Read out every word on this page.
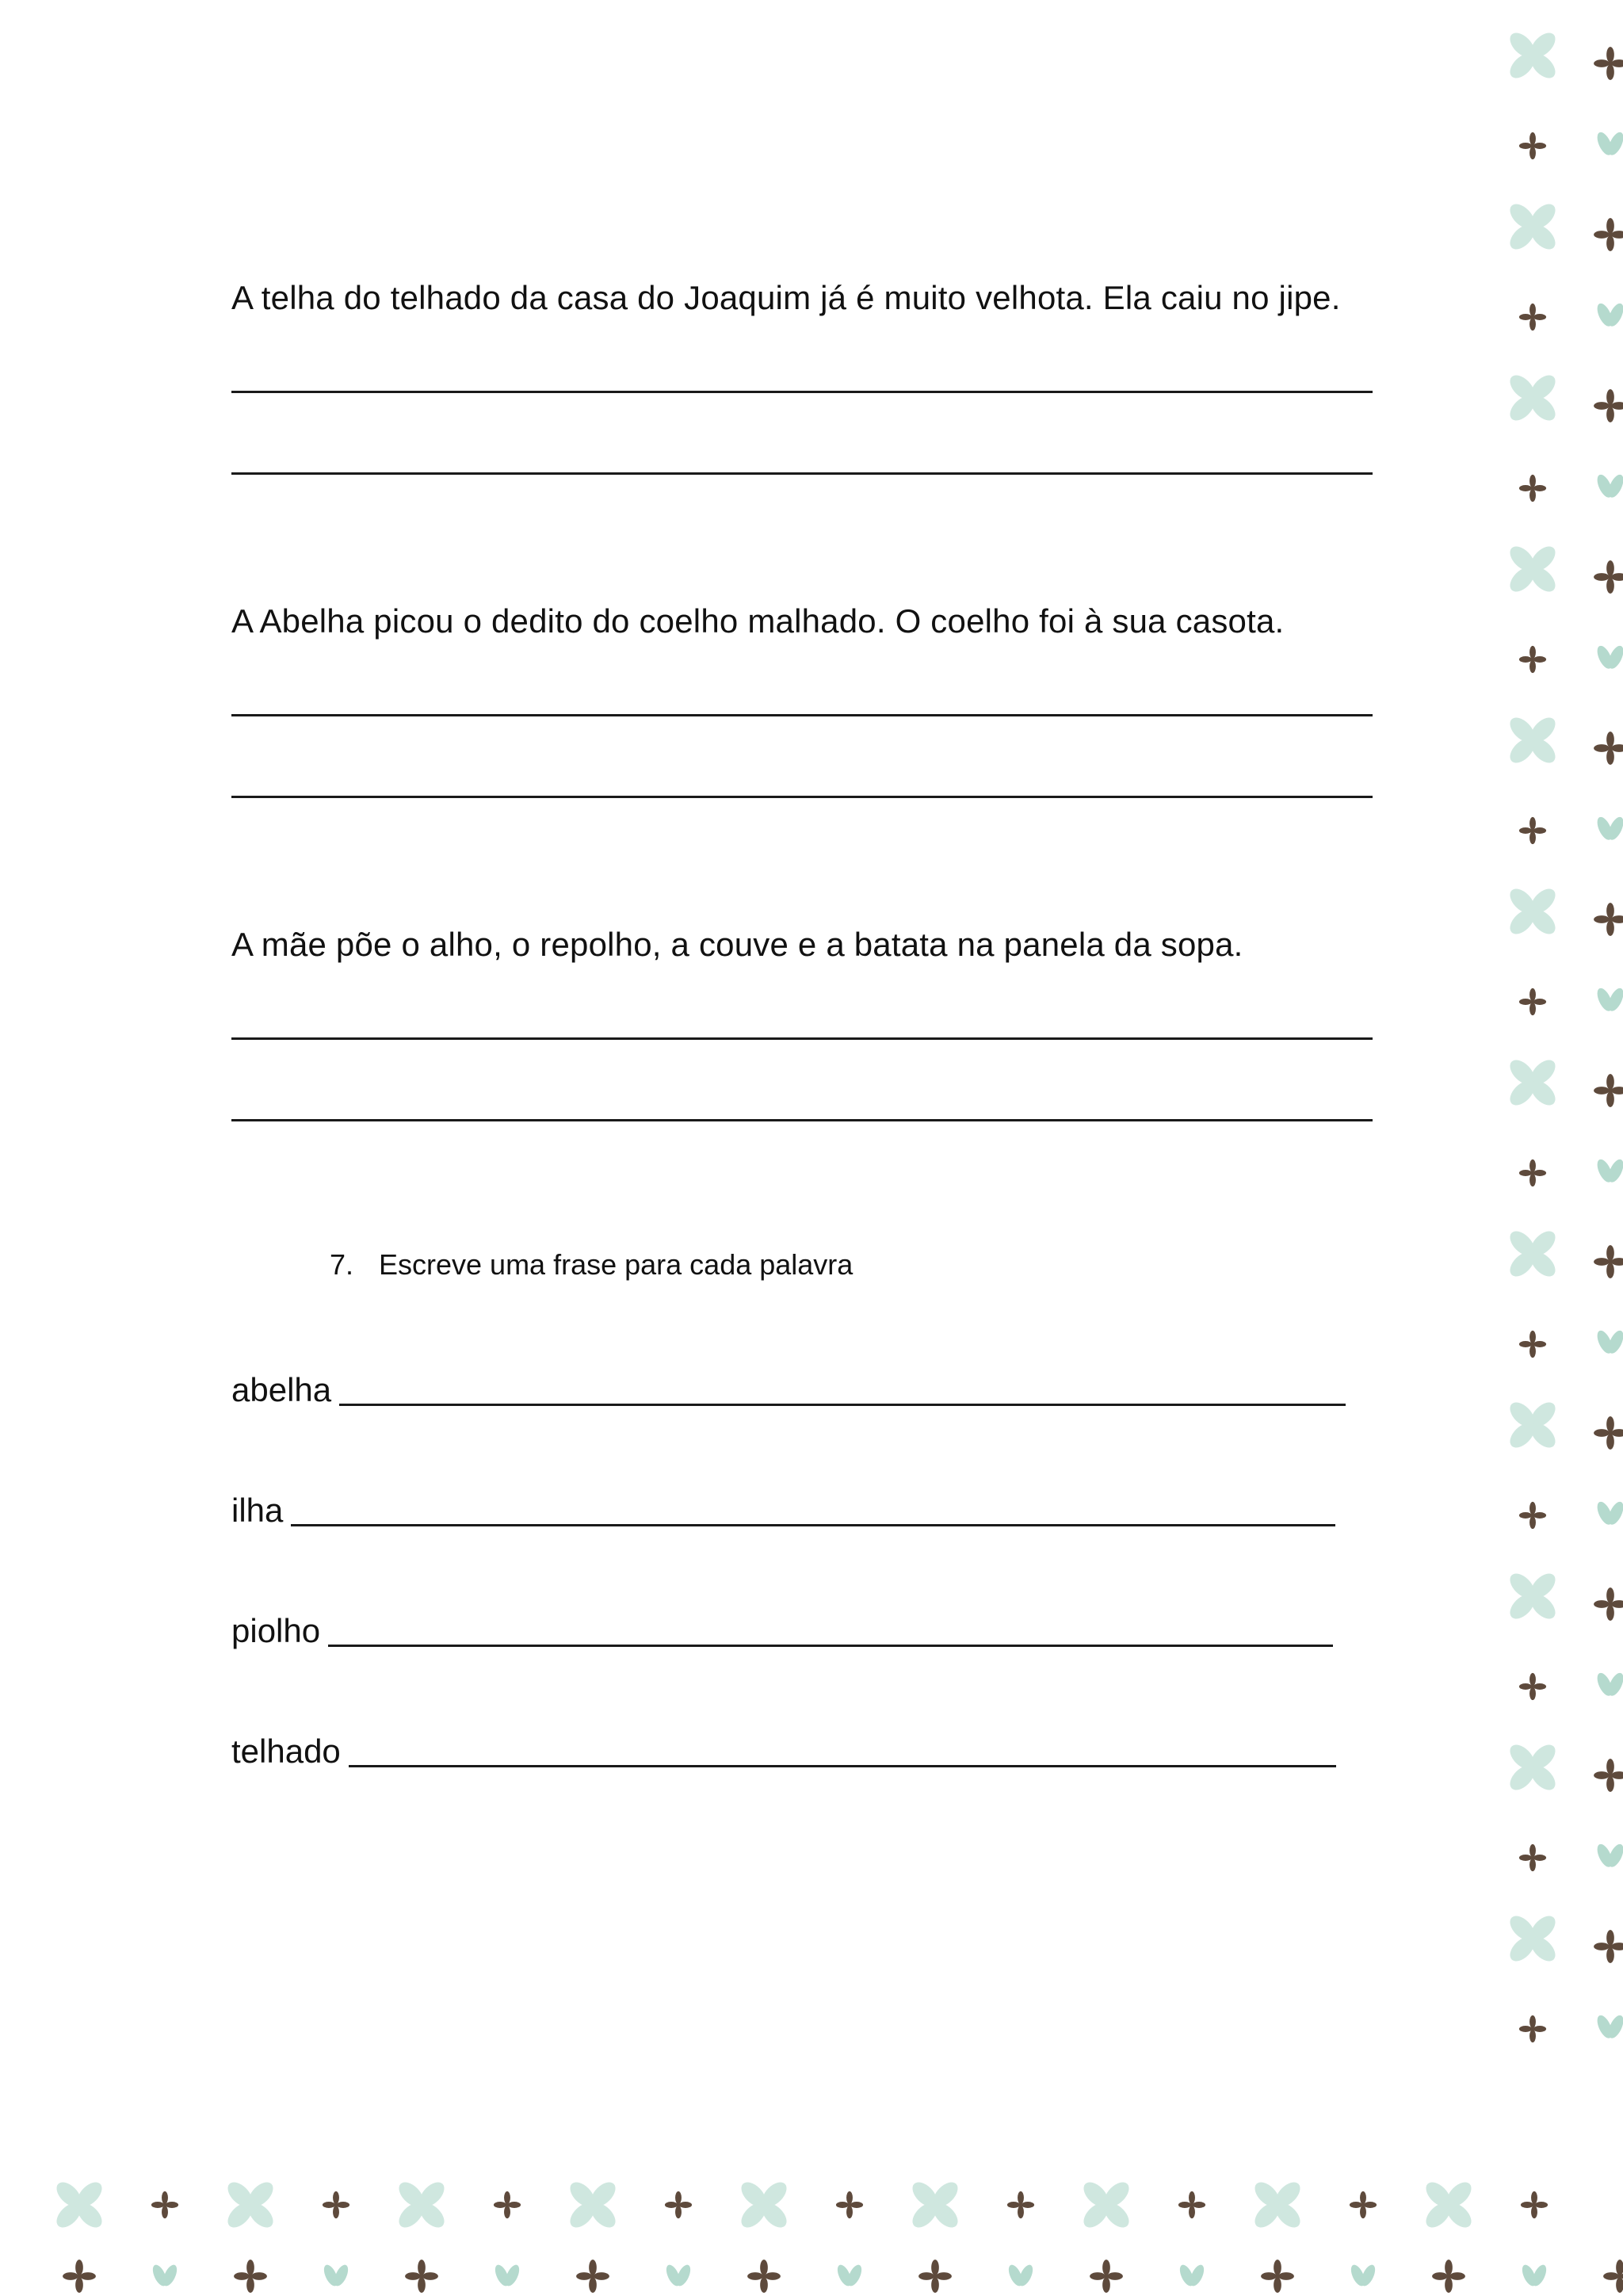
A telha do telhado da casa do Joaquim já é muito velhota. Ela caiu no jipe.
A Abelha picou o dedito do coelho malhado. O coelho foi à sua casota.
A mãe põe o alho, o repolho, a couve e a batata na panela da sopa.
7. Escreve uma frase para cada palavra
abelha
ilha
piolho
telhado
